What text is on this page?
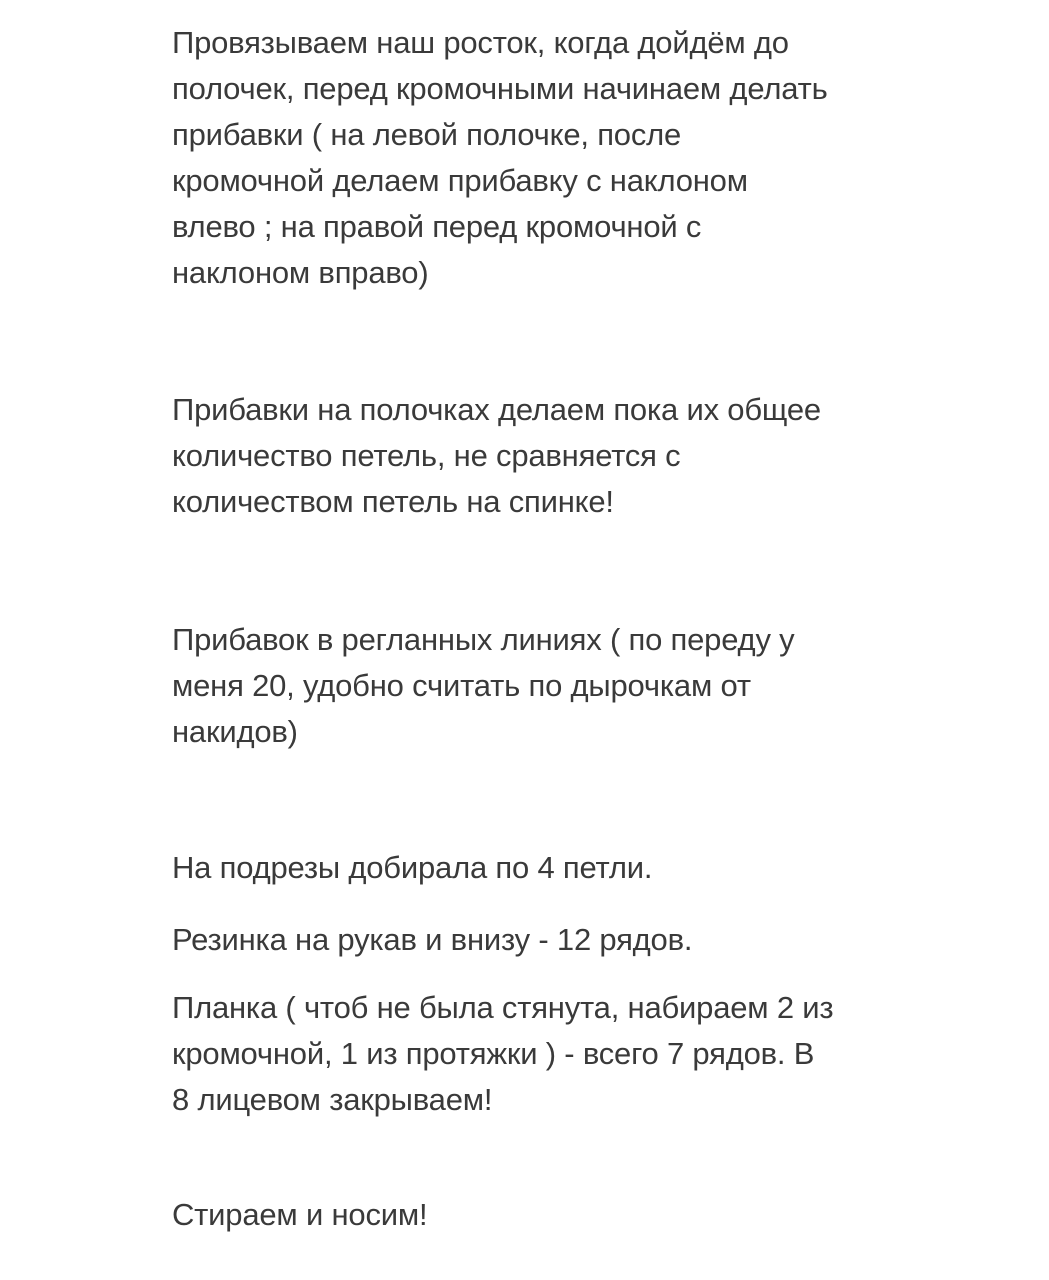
Провязываем наш росток, когда дойдём до
полочек, перед кромочными начинаем делать
прибавки ( на левой полочке, после
кромочной делаем прибавку с наклоном
влево ; на правой перед кромочной с
наклоном вправо)

Прибавки на полочках делаем пока их общее
количество петель, не сравняется с
количеством петель на спинке!

Прибавок в регланных линиях ( по переду у
меня 20, удобно считать по дырочкам от
накидов)

На подрезы добирала по 4 петли.

Резинка на рукав и внизу - 12 рядов.

Планка ( чтоб не была стянута, набираем 2 из
кромочной, 1 из протяжки ) - всего 7 рядов. В
8 лицевом закрываем!

Стираем и носим!
